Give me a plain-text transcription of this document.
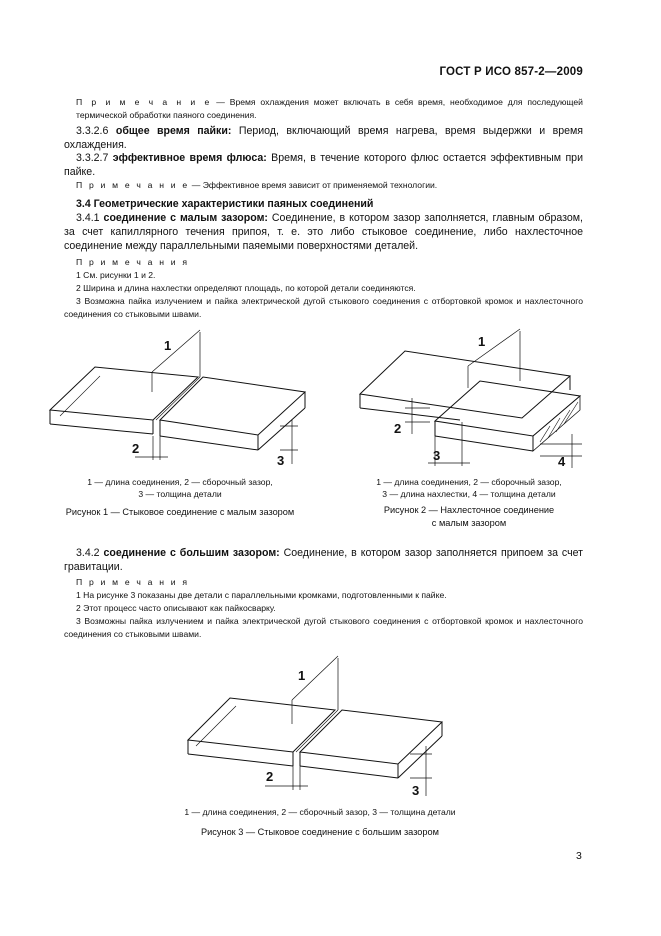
ГОСТ Р ИСО 857-2—2009
П р и м е ч а н и е — Время охлаждения может включать в себя время, необходимое для последующей термической обработки паяного соединения.
3.3.2.6 общее время пайки: Период, включающий время нагрева, время выдержки и время охлаждения.
3.3.2.7 эффективное время флюса: Время, в течение которого флюс остается эффективным при пайке.
П р и м е ч а н и е — Эффективное время зависит от применяемой технологии.
3.4 Геометрические характеристики паяных соединений
3.4.1 соединение с малым зазором: Соединение, в котором зазор заполняется, главным образом, за счет капиллярного течения припоя, т. е. это либо стыковое соединение, либо нахлесточное соединение между параллельными паяемыми поверхностями деталей.
П р и м е ч а н и я
1 См. рисунки 1 и 2.
2 Ширина и длина нахлестки определяют площадь, по которой детали соединяются.
3 Возможна пайка излучением и пайка электрической дугой стыкового соединения с отбортовкой кромок и нахлесточного соединения со стыковыми швами.
1
2
3
1 — длина соединения, 2 — сборочный зазор,
3 — толщина детали
Рисунок 1 — Стыковое соединение с малым зазором
1
2
3	4
1 — длина соединения, 2 — сборочный зазор,
3 — длина нахлестки, 4 — толщина детали
Рисунок 2 — Нахлесточное соединение
с малым зазором
3.4.2 соединение с большим зазором: Соединение, в котором зазор заполняется припоем за счет гравитации.
П р и м е ч а н и я
1 На рисунке 3 показаны две детали с параллельными кромками, подготовленными к пайке.
2 Этот процесс часто описывают как пайкосварку.
3 Возможны пайка излучением и пайка электрической дугой стыкового соединения с отбортовкой кромок и нахлесточного соединения со стыковыми швами.
1
2
3
1 — длина соединения, 2 — сборочный зазор, 3 — толщина детали
Рисунок 3 — Стыковое соединение с большим зазором
3
